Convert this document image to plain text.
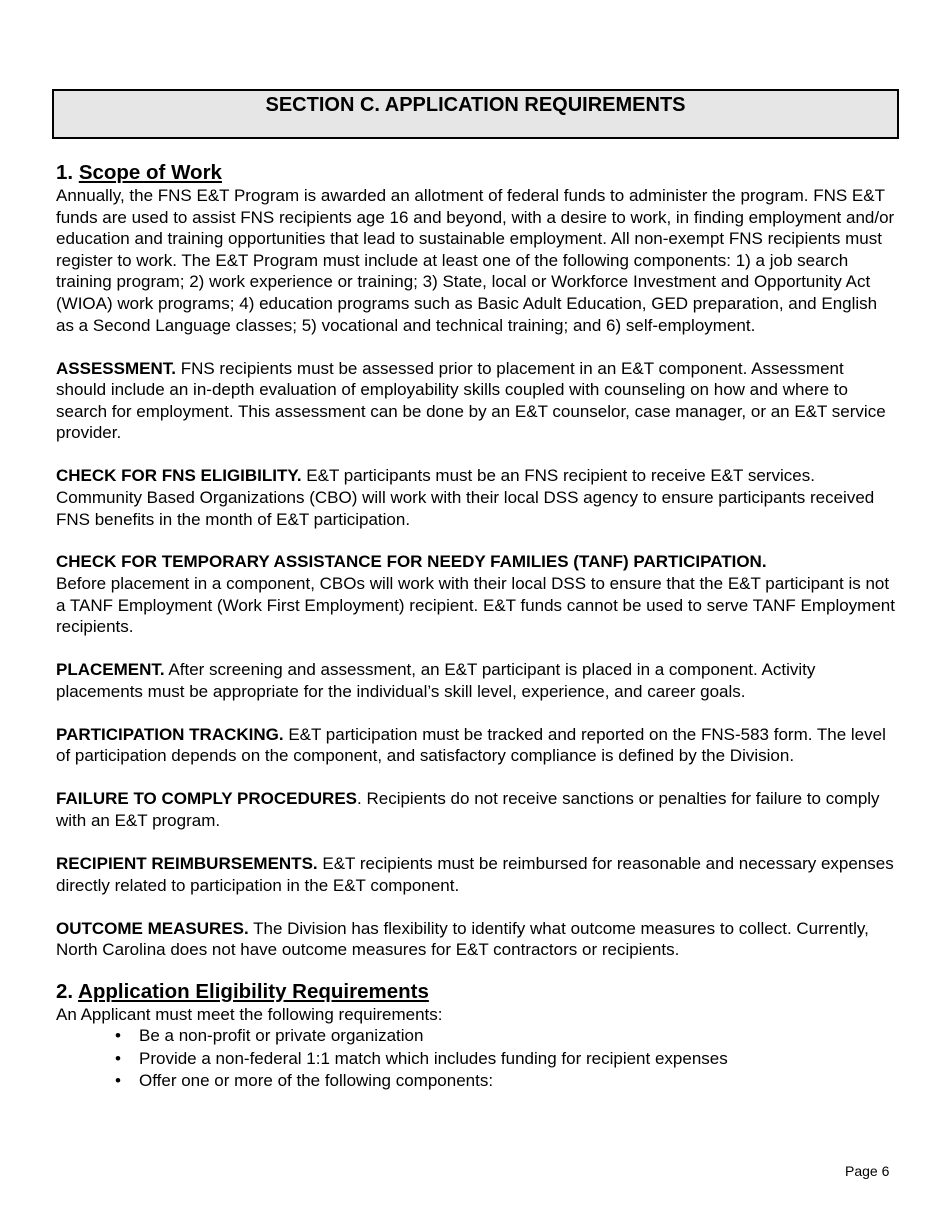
SECTION C. APPLICATION REQUIREMENTS
1. Scope of Work

Annually, the FNS E&T Program is awarded an allotment of federal funds to administer the program. FNS E&T funds are used to assist FNS recipients age 16 and beyond, with a desire to work, in finding employment and/or education and training opportunities that lead to sustainable employment. All non-exempt FNS recipients must register to work. The E&T Program must include at least one of the following components: 1) a job search training program; 2) work experience or training; 3) State, local or Workforce Investment and Opportunity Act (WIOA) work programs; 4) education programs such as Basic Adult Education, GED preparation, and English as a Second Language classes; 5) vocational and technical training; and 6) self-employment.

ASSESSMENT. FNS recipients must be assessed prior to placement in an E&T component. Assessment should include an in-depth evaluation of employability skills coupled with counseling on how and where to search for employment. This assessment can be done by an E&T counselor, case manager, or an E&T service provider.

CHECK FOR FNS ELIGIBILITY. E&T participants must be an FNS recipient to receive E&T services. Community Based Organizations (CBO) will work with their local DSS agency to ensure participants received FNS benefits in the month of E&T participation.

CHECK FOR TEMPORARY ASSISTANCE FOR NEEDY FAMILIES (TANF) PARTICIPATION.
Before placement in a component, CBOs will work with their local DSS to ensure that the E&T participant is not a TANF Employment (Work First Employment) recipient. E&T funds cannot be used to serve TANF Employment recipients.

PLACEMENT. After screening and assessment, an E&T participant is placed in a component. Activity placements must be appropriate for the individual’s skill level, experience, and career goals.

PARTICIPATION TRACKING. E&T participation must be tracked and reported on the FNS-583 form. The level of participation depends on the component, and satisfactory compliance is defined by the Division.

FAILURE TO COMPLY PROCEDURES. Recipients do not receive sanctions or penalties for failure to comply with an E&T program.

RECIPIENT REIMBURSEMENTS. E&T recipients must be reimbursed for reasonable and necessary expenses directly related to participation in the E&T component.

OUTCOME MEASURES. The Division has flexibility to identify what outcome measures to collect. Currently, North Carolina does not have outcome measures for E&T contractors or recipients.

2. Application Eligibility Requirements

An Applicant must meet the following requirements:

• Be a non-profit or private organization
• Provide a non-federal 1:1 match which includes funding for recipient expenses
• Offer one or more of the following components:
Page 6
